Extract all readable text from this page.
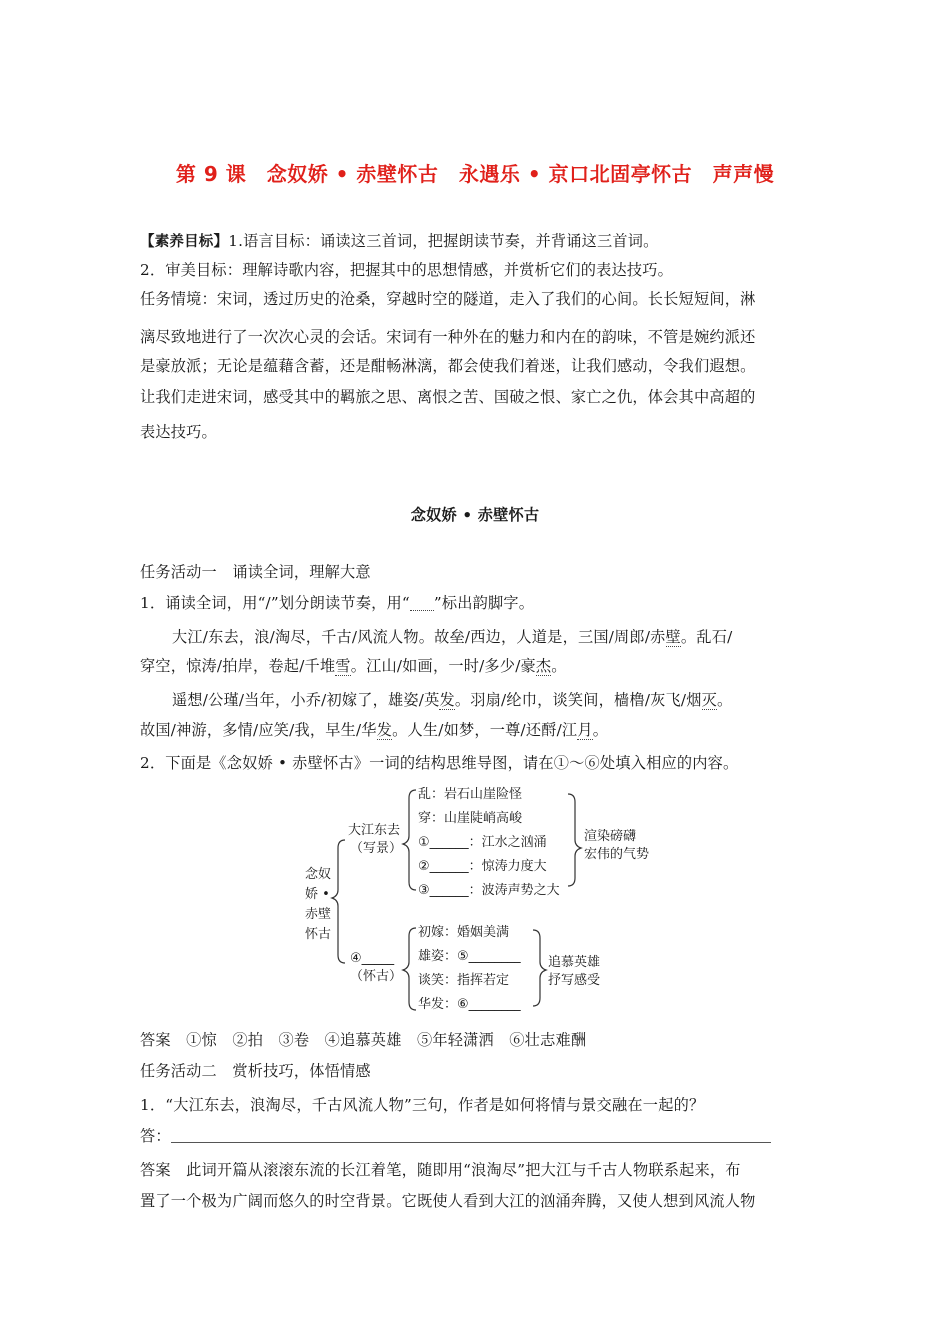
第 9 课　念奴娇 • 赤壁怀古　永遇乐 • 京口北固亭怀古　声声慢
【素养目标】1.语言目标：诵读这三首词，把握朗读节奏，并背诵这三首词。
2．审美目标：理解诗歌内容，把握其中的思想情感，并赏析它们的表达技巧。
任务情境：宋词，透过历史的沧桑，穿越时空的隧道，走入了我们的心间。长长短短间，淋
漓尽致地进行了一次次心灵的会话。宋词有一种外在的魅力和内在的韵味，不管是婉约派还
是豪放派；无论是蕴藉含蓄，还是酣畅淋漓，都会使我们着迷，让我们感动，令我们遐想。
让我们走进宋词，感受其中的羁旅之思、离恨之苦、国破之恨、家亡之仇，体会其中高超的
表达技巧。
念奴娇 • 赤壁怀古
任务活动一　诵读全词，理解大意
1．诵读全词，用“/”划分朗读节奏，用“ ”标出韵脚字。
大江/东去，浪/淘尽，千古/风流人物。故垒/西边，人道是，三国/周郎/赤壁。乱石/
穿空，惊涛/拍岸，卷起/千堆雪。江山/如画，一时/多少/豪杰。
遥想/公瑾/当年，小乔/初嫁了，雄姿/英发。羽扇/纶巾，谈笑间，樯橹/灰飞/烟灭。
故国/神游，多情/应笑/我，早生/华发。人生/如梦，一尊/还酹/江月。
2．下面是《念奴娇 • 赤壁怀古》一词的结构思维导图，请在①～⑥处填入相应的内容。
念奴
娇 •
赤壁
怀古
大江东去
（写景）
乱：岩石山崖险怪
穿：山崖陡峭高峻
①______：江水之汹涌
②______：惊涛力度大
③______：波涛声势之大
渲染磅礴
宏伟的气势
④_____
（怀古）
初嫁：婚姻美满
雄姿：⑤________
谈笑：指挥若定
华发：⑥________
追慕英雄
抒写感受
答案　①惊　②拍　③卷　④追慕英雄　⑤年轻潇洒　⑥壮志难酬
任务活动二　赏析技巧，体悟情感
1．“大江东去，浪淘尽，千古风流人物”三句，作者是如何将情与景交融在一起的？
答：
答案　此词开篇从滚滚东流的长江着笔，随即用“浪淘尽”把大江与千古人物联系起来，布
置了一个极为广阔而悠久的时空背景。它既使人看到大江的汹涌奔腾，又使人想到风流人物
